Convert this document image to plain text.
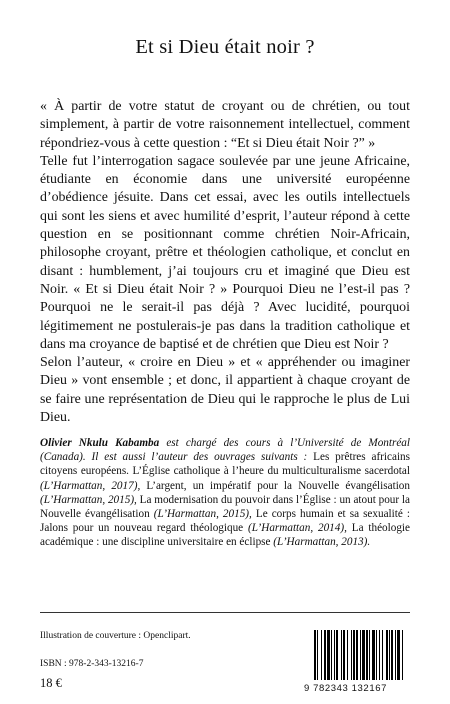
Et si Dieu était noir ?

« À partir de votre statut de croyant ou de chrétien, ou tout simplement, à partir de votre raisonnement intellectuel, comment répondriez-vous à cette question : “Et si Dieu était Noir ?” »

Telle fut l’interrogation sagace soulevée par une jeune Africaine, étudiante en économie dans une université européenne d’obédience jésuite. Dans cet essai, avec les outils intellectuels qui sont les siens et avec humilité d’esprit, l’auteur répond à cette question en se positionnant comme chrétien Noir-Africain, philosophe croyant, prêtre et théologien catholique, et conclut en disant : humblement, j’ai toujours cru et imaginé que Dieu est Noir. « Et si Dieu était Noir ? » Pourquoi Dieu ne l’est-il pas ? Pourquoi ne le serait-il pas déjà ? Avec lucidité, pourquoi légitimement ne postulerais-je pas dans la tradition catholique et dans ma croyance de baptisé et de chrétien que Dieu est Noir ?

Selon l’auteur, « croire en Dieu » et « appréhender ou imaginer Dieu » vont ensemble ; et donc, il appartient à chaque croyant de se faire une représentation de Dieu qui le rapproche le plus de Lui Dieu.

Olivier Nkulu Kabamba est chargé des cours à l’Université de Montréal (Canada). Il est aussi l’auteur des ouvrages suivants : Les prêtres africains citoyens européens. L’Église catholique à l’heure du multiculturalisme sacerdotal (L’Harmattan, 2017), L’argent, un impératif pour la Nouvelle évangélisation (L’Harmattan, 2015), La modernisation du pouvoir dans l’Église : un atout pour la Nouvelle évangélisation (L’Harmattan, 2015), Le corps humain et sa sexualité : Jalons pour un nouveau regard théologique (L’Harmattan, 2014), La théologie académique : une discipline universitaire en éclipse (L’Harmattan, 2013).
Illustration de couverture : Openclipart.
ISBN : 978-2-343-13216-7
18 €	9 782343 132167
